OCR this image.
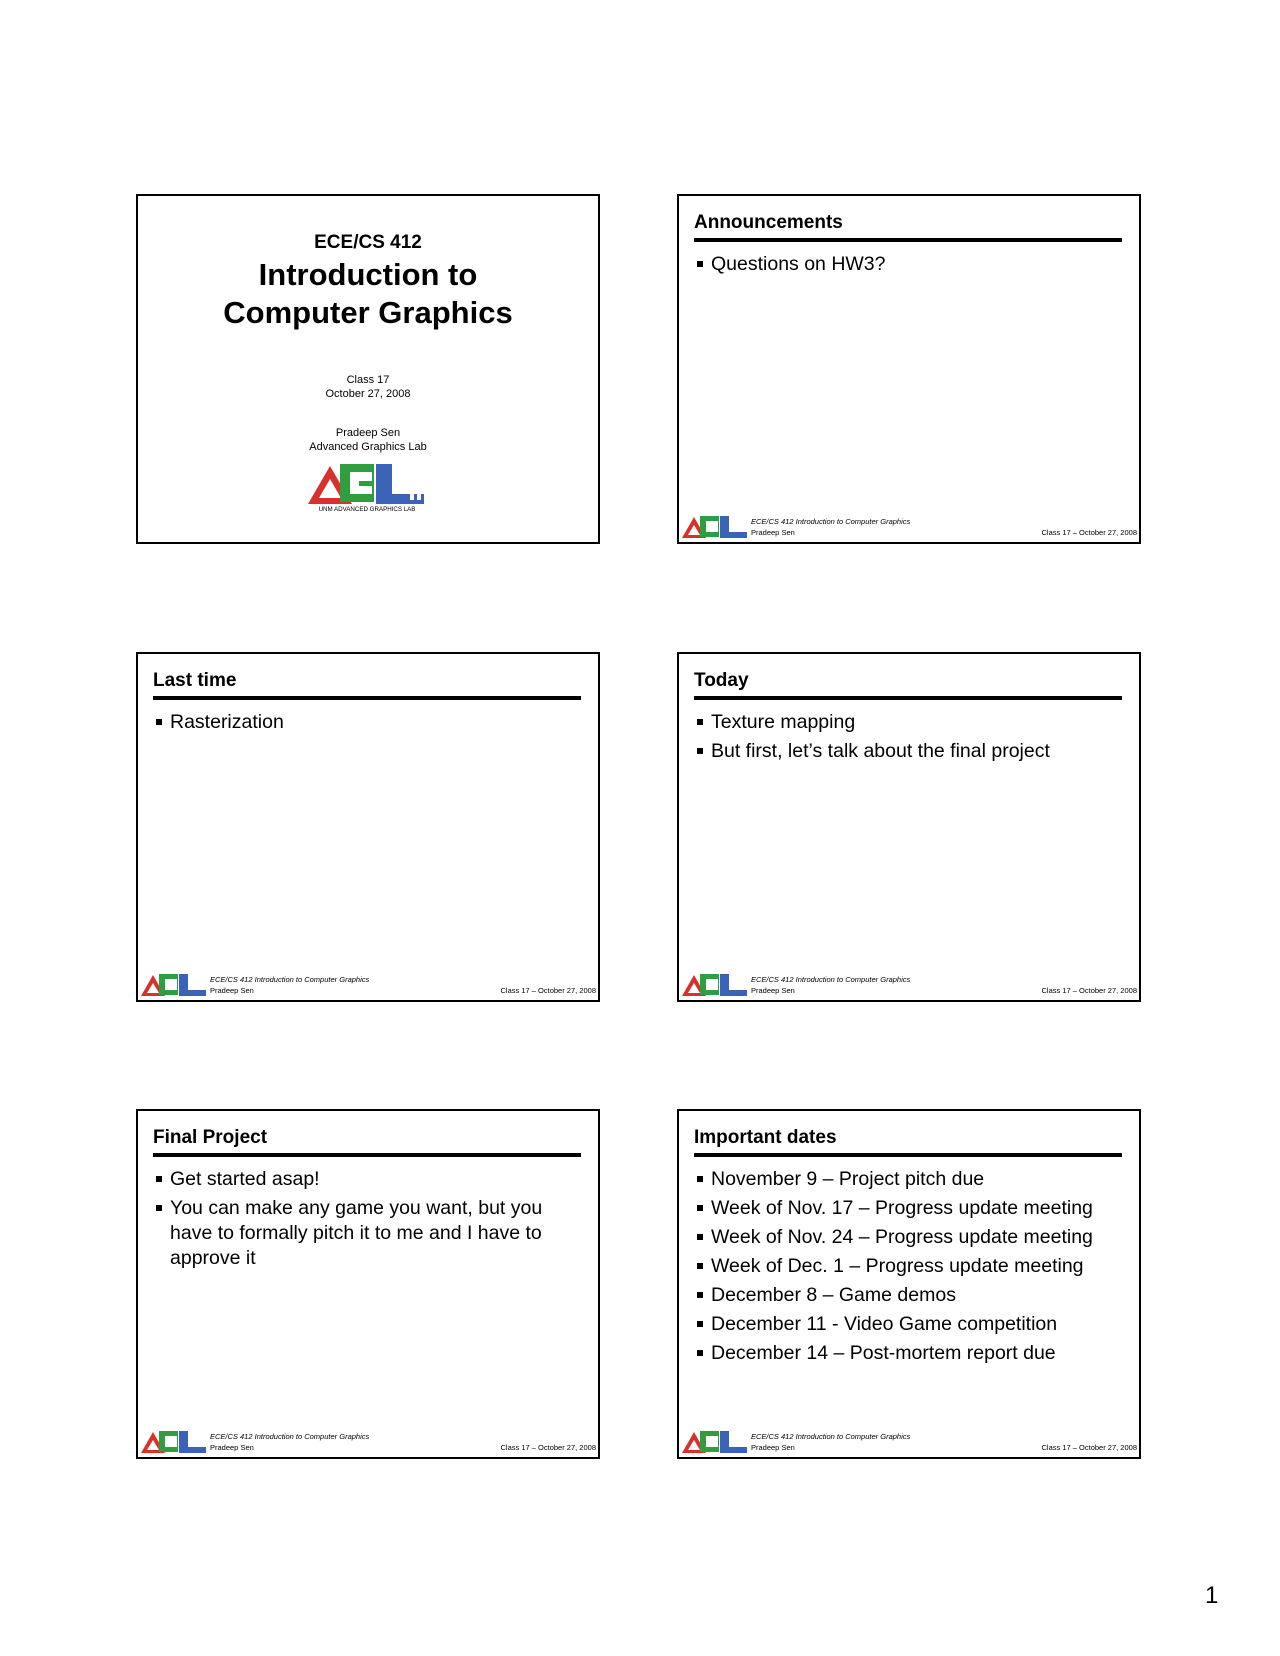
ECE/CS 412
Introduction to
Computer Graphics
Class 17
October 27, 2008
Pradeep Sen
Advanced Graphics Lab
UNM ADVANCED GRAPHICS LAB
Announcements
Questions on HW3?
ECE/CS 412 Introduction to Computer Graphics
Pradeep Sen	Class 17 – October 27, 2008
Last time
Rasterization
ECE/CS 412 Introduction to Computer Graphics
Pradeep Sen	Class 17 – October 27, 2008
Today
Texture mapping
But first, let’s talk about the final project
ECE/CS 412 Introduction to Computer Graphics
Pradeep Sen	Class 17 – October 27, 2008
Final Project
Get started asap!
You can make any game you want, but you have to formally pitch it to me and I have to approve it
ECE/CS 412 Introduction to Computer Graphics
Pradeep Sen	Class 17 – October 27, 2008
Important dates
November 9 – Project pitch due
Week of Nov. 17 – Progress update meeting
Week of Nov. 24 – Progress update meeting
Week of Dec. 1 – Progress update meeting
December 8 – Game demos
December 11 - Video Game competition
December 14 – Post-mortem report due
ECE/CS 412 Introduction to Computer Graphics
Pradeep Sen	Class 17 – October 27, 2008
1
